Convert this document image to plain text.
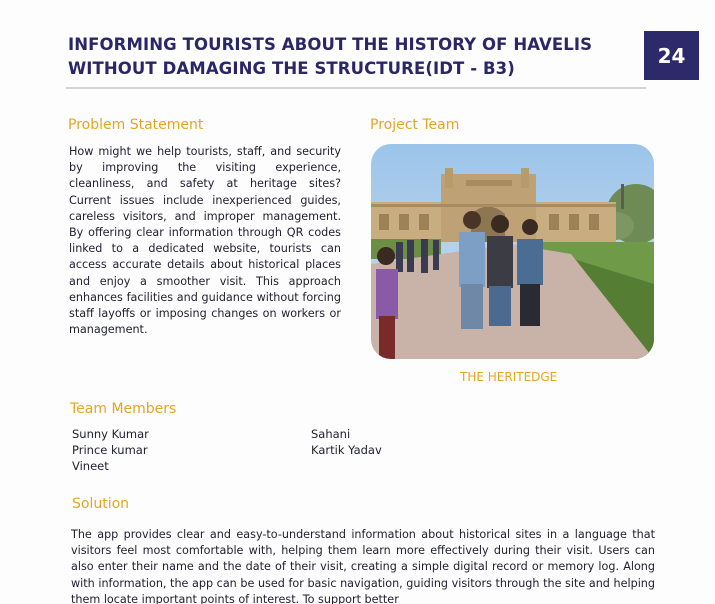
INFORMING TOURISTS ABOUT THE HISTORY OF HAVELIS
WITHOUT DAMAGING THE STRUCTURE(IDT - B3)
24
Problem Statement
How might we help tourists, staff, and security by improving the visiting experience, cleanliness, and safety at heritage sites? Current issues include inexperienced guides, careless visitors, and improper management. By offering clear information through QR codes linked to a dedicated website, tourists can access accurate details about historical places and enjoy a smoother visit. This approach enhances facilities and guidance without forcing staff layoffs or imposing changes on workers or management.
Project Team
THE HERITEDGE
Team Members
Sunny Kumar
Prince kumar
Vineet
Sahani
Kartik Yadav
Solution
The app provides clear and easy-to-understand information about historical sites in a language that visitors feel most comfortable with, helping them learn more effectively during their visit. Users can also enter their name and the date of their visit, creating a simple digital record or memory log. Along with information, the app can be used for basic navigation, guiding visitors through the site and helping them locate important points of interest. To support better
